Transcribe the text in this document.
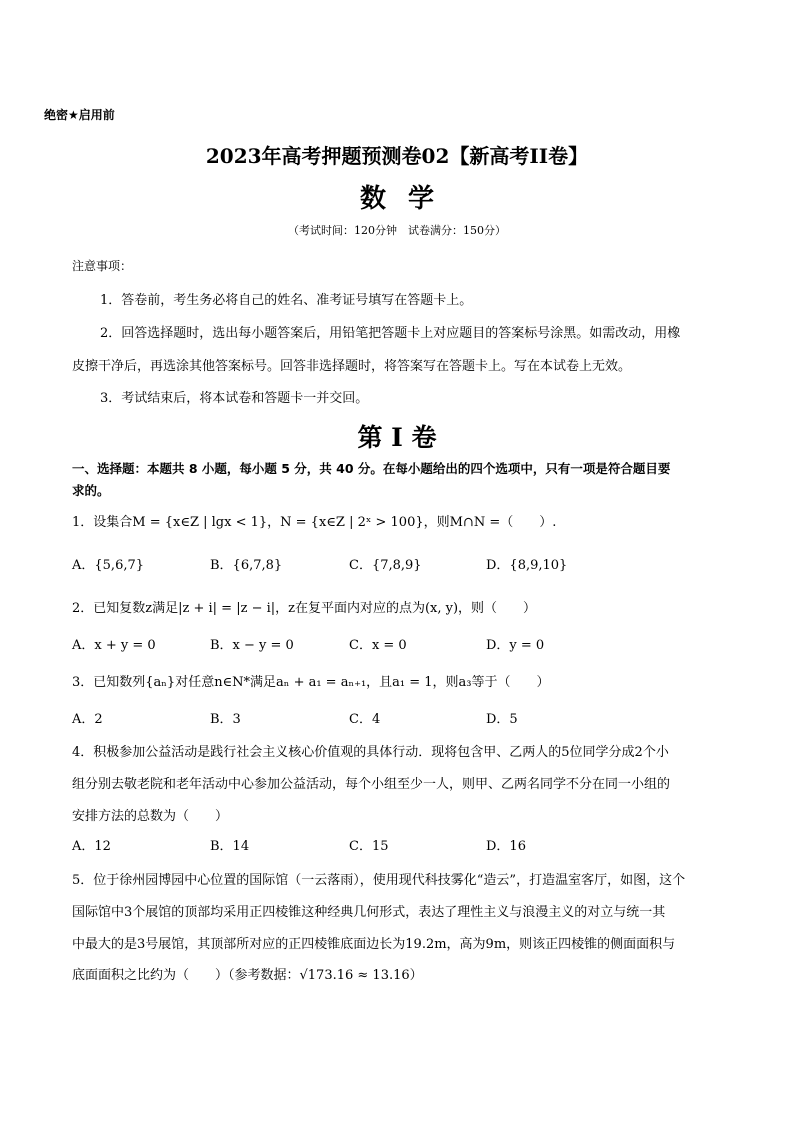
绝密★启用前
2023年高考押题预测卷02【新高考II卷】
数学
（考试时间：120分钟　试卷满分：150分）
注意事项：
1．答卷前，考生务必将自己的姓名、准考证号填写在答题卡上。
2．回答选择题时，选出每小题答案后，用铅笔把答题卡上对应题目的答案标号涂黑。如需改动，用橡
皮擦干净后，再选涂其他答案标号。回答非选择题时，将答案写在答题卡上。写在本试卷上无效。
3．考试结束后，将本试卷和答题卡一并交回。
第 I 卷
一、选择题：本题共 8 小题，每小题 5 分，共 40 分。在每小题给出的四个选项中，只有一项是符合题目要
求的。
1．设集合M = {x∈Z | lgx < 1}，N = {x∈Z | 2ˣ > 100}，则M∩N =（　　）.
A．{5,6,7}	B．{6,7,8}	C．{7,8,9}	D．{8,9,10}
2．已知复数z满足|z + i| = |z − i|，z在复平面内对应的点为(x, y)，则（　　）
A．x + y = 0	B．x − y = 0	C．x = 0	D．y = 0
3．已知数列{aₙ}对任意n∈N*满足aₙ + a₁ = aₙ₊₁，且a₁ = 1，则a₃等于（　　）
A．2	B．3	C．4	D．5
4．积极参加公益活动是践行社会主义核心价值观的具体行动．现将包含甲、乙两人的5位同学分成2个小
组分别去敬老院和老年活动中心参加公益活动，每个小组至少一人，则甲、乙两名同学不分在同一小组的
安排方法的总数为（　　）
A．12	B．14	C．15	D．16
5．位于徐州园博园中心位置的国际馆（一云落雨），使用现代科技雾化“造云”，打造温室客厅，如图，这个
国际馆中3个展馆的顶部均采用正四棱锥这种经典几何形式，表达了理性主义与浪漫主义的对立与统一其
中最大的是3号展馆，其顶部所对应的正四棱锥底面边长为19.2m，高为9m，则该正四棱锥的侧面面积与
底面面积之比约为（　　）（参考数据：√173.16 ≈ 13.16）
